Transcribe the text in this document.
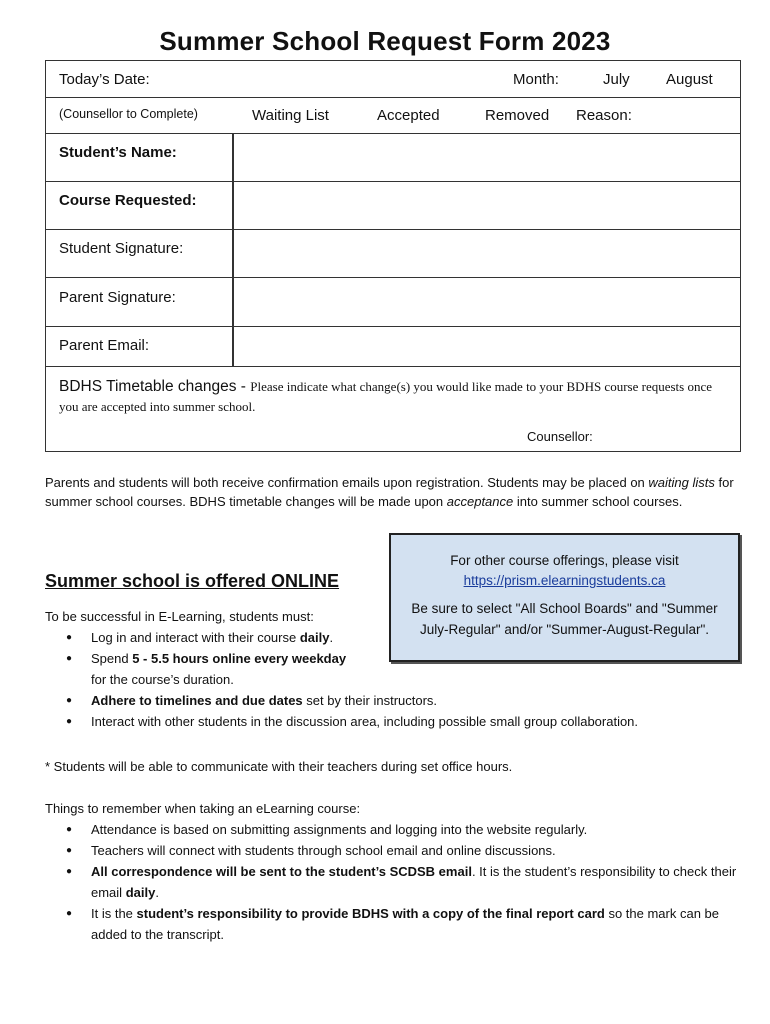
Summer School Request Form 2023
Today’s Date:	Month:	July August
(Counsellor to Complete)	Waiting List	Accepted	Removed Reason:
Student’s Name:
Course Requested:
Student Signature:
Parent Signature:
Parent Email:
BDHS Timetable changes - Please indicate what change(s) you would like made to your BDHS course requests once you are accepted into summer school.
Counsellor:
Parents and students will both receive confirmation emails upon registration. Students may be placed on waiting lists for summer school courses. BDHS timetable changes will be made upon acceptance into summer school courses.
For other course offerings, please visit
https://prism.elearningstudents.ca
Be sure to select "All School Boards" and "Summer July-Regular" and/or "Summer-August-Regular".
Summer school is offered ONLINE
To be successful in E-Learning, students must:
● Log in and interact with their course daily.
● Spend 5 - 5.5 hours online every weekday
for the course’s duration.
● Adhere to timelines and due dates set by their instructors.
● Interact with other students in the discussion area, including possible small group collaboration.
* Students will be able to communicate with their teachers during set office hours.
Things to remember when taking an eLearning course:
● Attendance is based on submitting assignments and logging into the website regularly.
● Teachers will connect with students through school email and online discussions.
● All correspondence will be sent to the student’s SCDSB email. It is the student’s responsibility to check their email daily.
● It is the student’s responsibility to provide BDHS with a copy of the final report card so the mark can be added to the transcript.
